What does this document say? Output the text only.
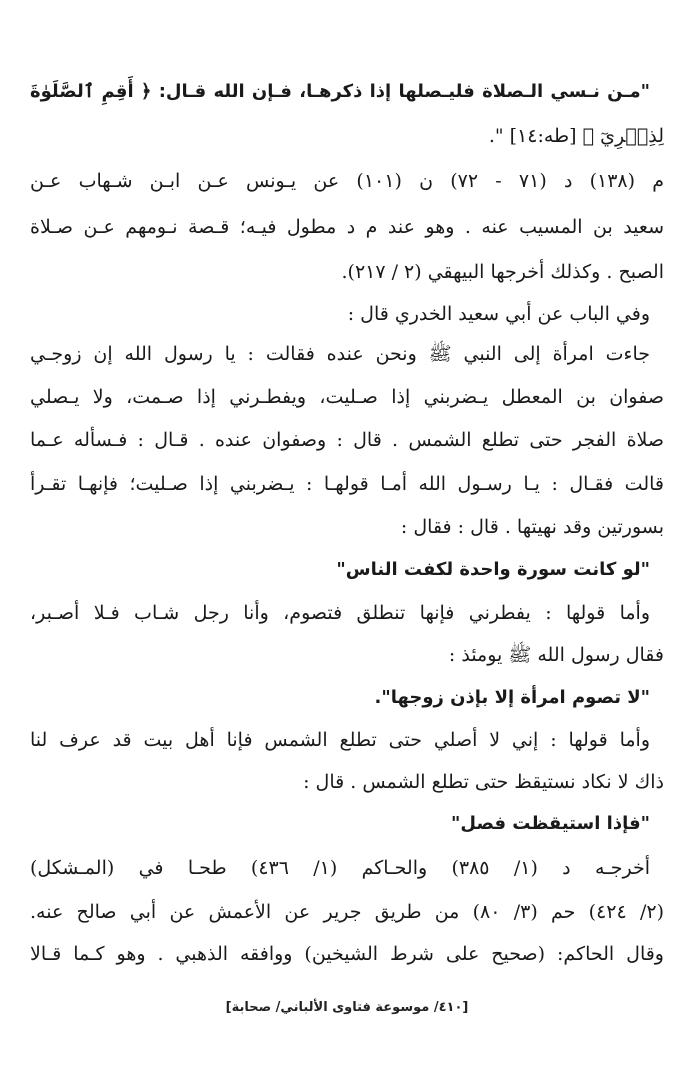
"مـن نـسي الـصلاة فليـصلها إذا ذكرهـا، فـإن الله قـال: ﴿ أَقِمِ ٱلصَّلَوٰةَ
لِذِكۡرِيٓ ﴾ [طه:١٤] ".
م (١٣٨) د (٧١ - ٧٢) ن (١٠١) عن يـونس عـن ابـن شـهاب عـن
سعيد بن المسيب عنه . وهو عند م د مطول فيـه؛ قـصة نـومهم عـن صـلاة
الصبح . وكذلك أخرجها البيهقي (٢ / ٢١٧).
وفي الباب عن أبي سعيد الخدري قال :
جاءت امرأة إلى النبي ﷺ ونحن عنده فقالت : يا رسول الله إن زوجـي
صفوان بن المعطل يـضربني إذا صـليت، ويفطـرني إذا صـمت، ولا يـصلي
صلاة الفجر حتى تطلع الشمس . قال : وصفوان عنده . قـال : فـسأله عـما
قالت فقـال : يـا رسـول الله أمـا قولهـا : يـضربني إذا صـليت؛ فإنهـا تقـرأ
بسورتين وقد نهيتها . قال : فقال :
"لو كانت سورة واحدة لكفت الناس"
وأما قولها : يفطرني فإنها تنطلق فتصوم، وأنا رجل شـاب فـلا أصـبر،
فقال رسول الله ﷺ يومئذ :
"لا تصوم امرأة إلا بإذن زوجها".
وأما قولها : إني لا أصلي حتى تطلع الشمس فإنا أهل بيت قد عرف لنا
ذاك لا نكاد نستيقظ حتى تطلع الشمس . قال :
"فإذا استيقظت فصل"
أخرجـه د (١/ ٣٨٥) والحـاكم (١/ ٤٣٦) طحـا في (المـشكل)
(٢/ ٤٢٤) حم (٣/ ٨٠) من طريق جرير عن الأعمش عن أبي صالح عنه.
وقال الحاكم: (صحيح على شرط الشيخين) ووافقه الذهبي . وهو كـما قـالا
[٤١٠/ موسوعة فتاوى الألباني/ صحابة]
